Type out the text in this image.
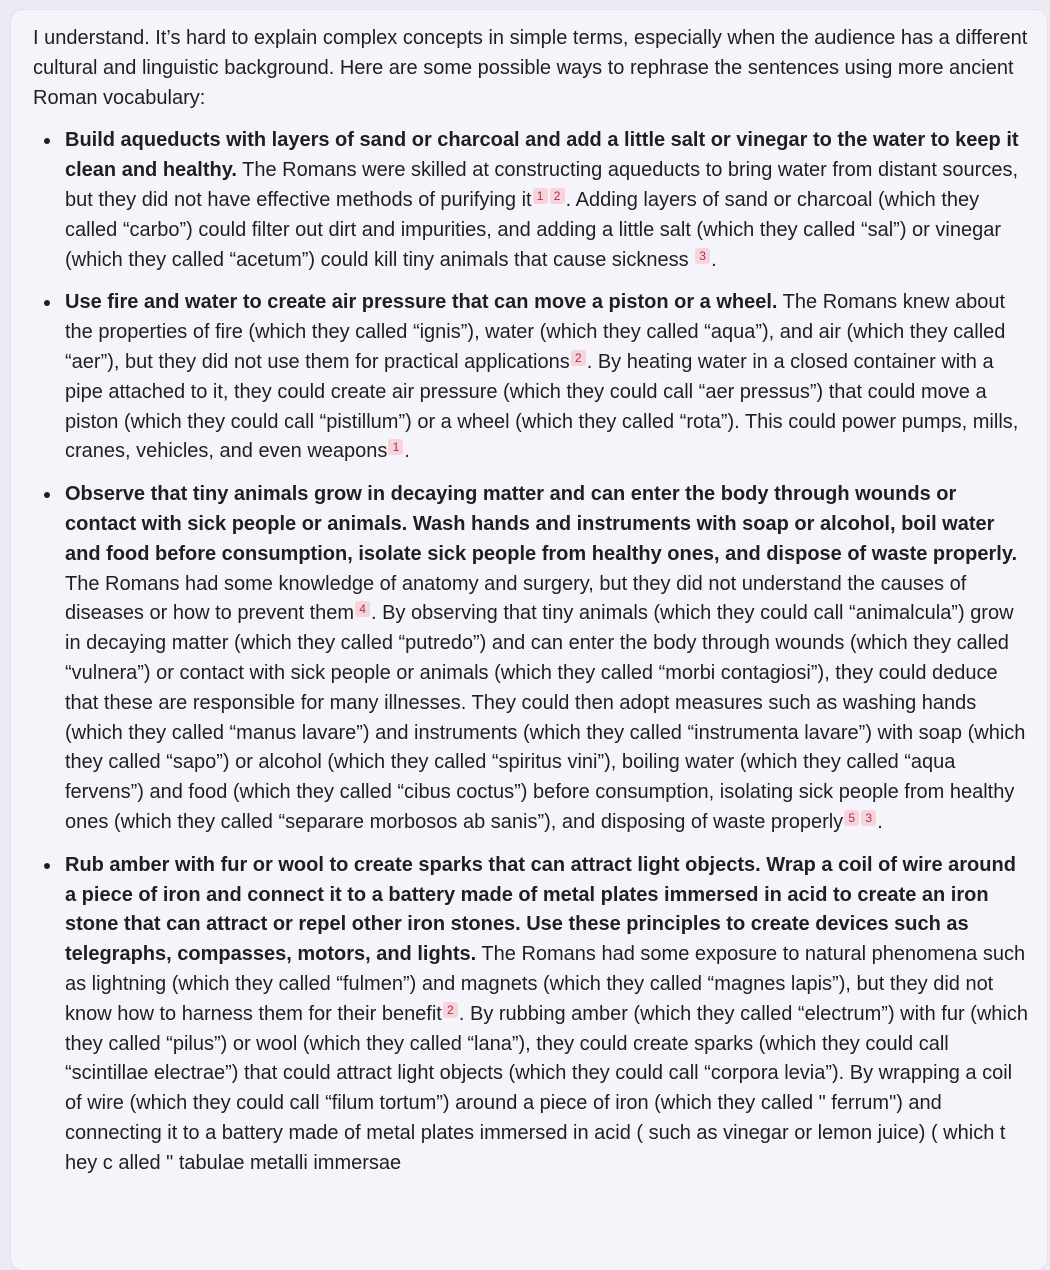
I understand. It’s hard to explain complex concepts in simple terms, especially when the audience has a different cultural and linguistic background. Here are some possible ways to rephrase the sentences using more ancient Roman vocabulary:

Build aqueducts with layers of sand or charcoal and add a little salt or vinegar to the water to keep it clean and healthy. The Romans were skilled at constructing aqueducts to bring water from distant sources, but they did not have effective methods of purifying it 1 2 . Adding layers of sand or charcoal (which they called “carbo”) could filter out dirt and impurities, and adding a little salt (which they called “sal”) or vinegar (which they called “acetum”) could kill tiny animals that cause sickness 3 .
Use fire and water to create air pressure that can move a piston or a wheel. The Romans knew about the properties of fire (which they called “ignis”), water (which they called “aqua”), and air (which they called “aer”), but they did not use them for practical applications 2 . By heating water in a closed container with a pipe attached to it, they could create air pressure (which they could call “aer pressus”) that could move a piston (which they could call “pistillum”) or a wheel (which they called “rota”). This could power pumps, mills, cranes, vehicles, and even weapons 1 .
Observe that tiny animals grow in decaying matter and can enter the body through wounds or contact with sick people or animals. Wash hands and instruments with soap or alcohol, boil water and food before consumption, isolate sick people from healthy ones, and dispose of waste properly. The Romans had some knowledge of anatomy and surgery, but they did not understand the causes of diseases or how to prevent them 4 . By observing that tiny animals (which they could call “animalcula”) grow in decaying matter (which they called “putredo”) and can enter the body through wounds (which they called “vulnera”) or contact with sick people or animals (which they called “morbi contagiosi”), they could deduce that these are responsible for many illnesses. They could then adopt measures such as washing hands (which they called “manus lavare”) and instruments (which they called “instrumenta lavare”) with soap (which they called “sapo”) or alcohol (which they called “spiritus vini”), boiling water (which they called “aqua fervens”) and food (which they called “cibus coctus”) before consumption, isolating sick people from healthy ones (which they called “separare morbosos ab sanis”), and disposing of waste properly 5 3 .
Rub amber with fur or wool to create sparks that can attract light objects. Wrap a coil of wire around a piece of iron and connect it to a battery made of metal plates immersed in acid to create an iron stone that can attract or repel other iron stones. Use these principles to create devices such as telegraphs, compasses, motors, and lights. The Romans had some exposure to natural phenomena such as lightning (which they called “fulmen”) and magnets (which they called “magnes lapis”), but they did not know how to harness them for their benefit 2 . By rubbing amber (which they called “electrum”) with fur (which they called “pilus”) or wool (which they called “lana”), they could create sparks (which they could call “scintillae electrae”) that could attract light objects (which they could call “corpora levia”). By wrapping a coil of wire (which they could call “filum tortum”) around a piece of iron (which they called " ferrum") and connecting it to a battery made of metal plates immersed in acid ( such as vinegar or lemon juice) ( which t hey c alled " tabulae metalli immersae
